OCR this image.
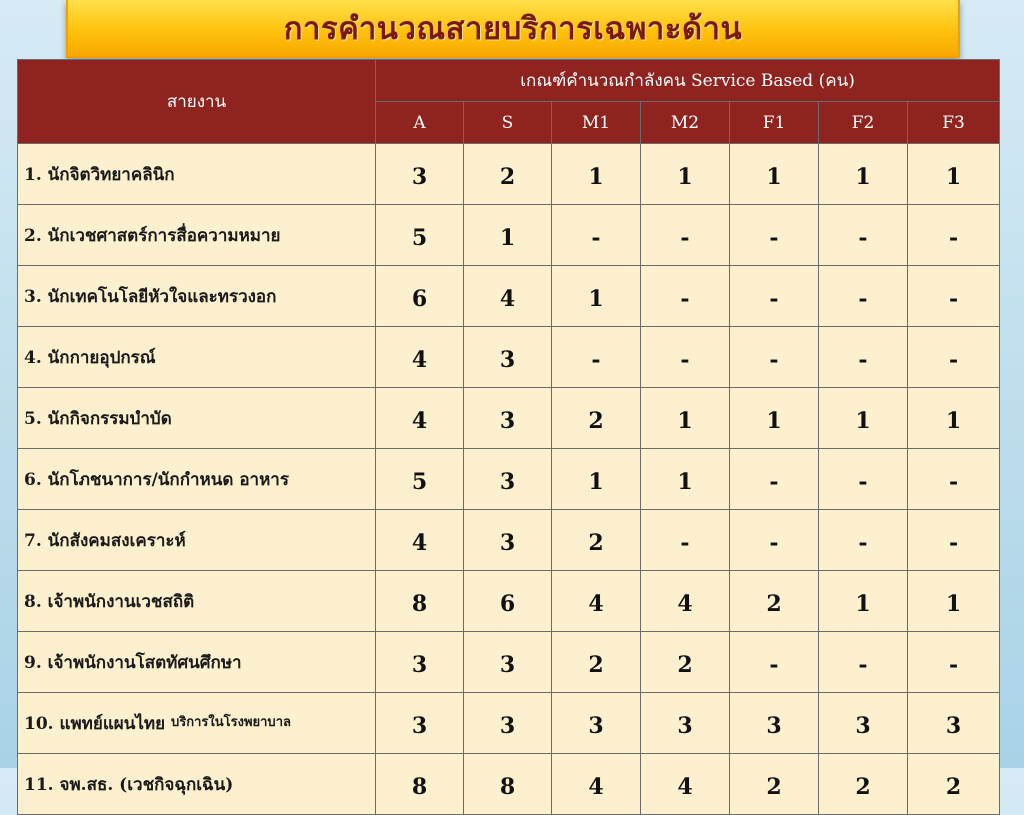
การคำนวณสายบริการเฉพาะด้าน
สายงาน	เกณฑ์คำนวณกำลังคน Service Based (คน)						
	A	S	M1	M2	F1	F2	F3
1. นักจิตวิทยาคลินิก	3	2	1	1	1	1	1
2. นักเวชศาสตร์การสื่อความหมาย	5	1	-	-	-	-	-
3. นักเทคโนโลยีหัวใจและทรวงอก	6	4	1	-	-	-	-
4. นักกายอุปกรณ์	4	3	-	-	-	-	-
5. นักกิจกรรมบำบัด	4	3	2	1	1	1	1
6. นักโภชนาการ/นักกำหนด อาหาร	5	3	1	1	-	-	-
7. นักสังคมสงเคราะห์	4	3	2	-	-	-	-
8. เจ้าพนักงานเวชสถิติ	8	6	4	4	2	1	1
9. เจ้าพนักงานโสตทัศนศึกษา	3	3	2	2	-	-	-
10. แพทย์แผนไทย บริการในโรงพยาบาล	3	3	3	3	3	3	3
11. จพ.สธ. (เวชกิจฉุกเฉิน)	8	8	4	4	2	2	2
